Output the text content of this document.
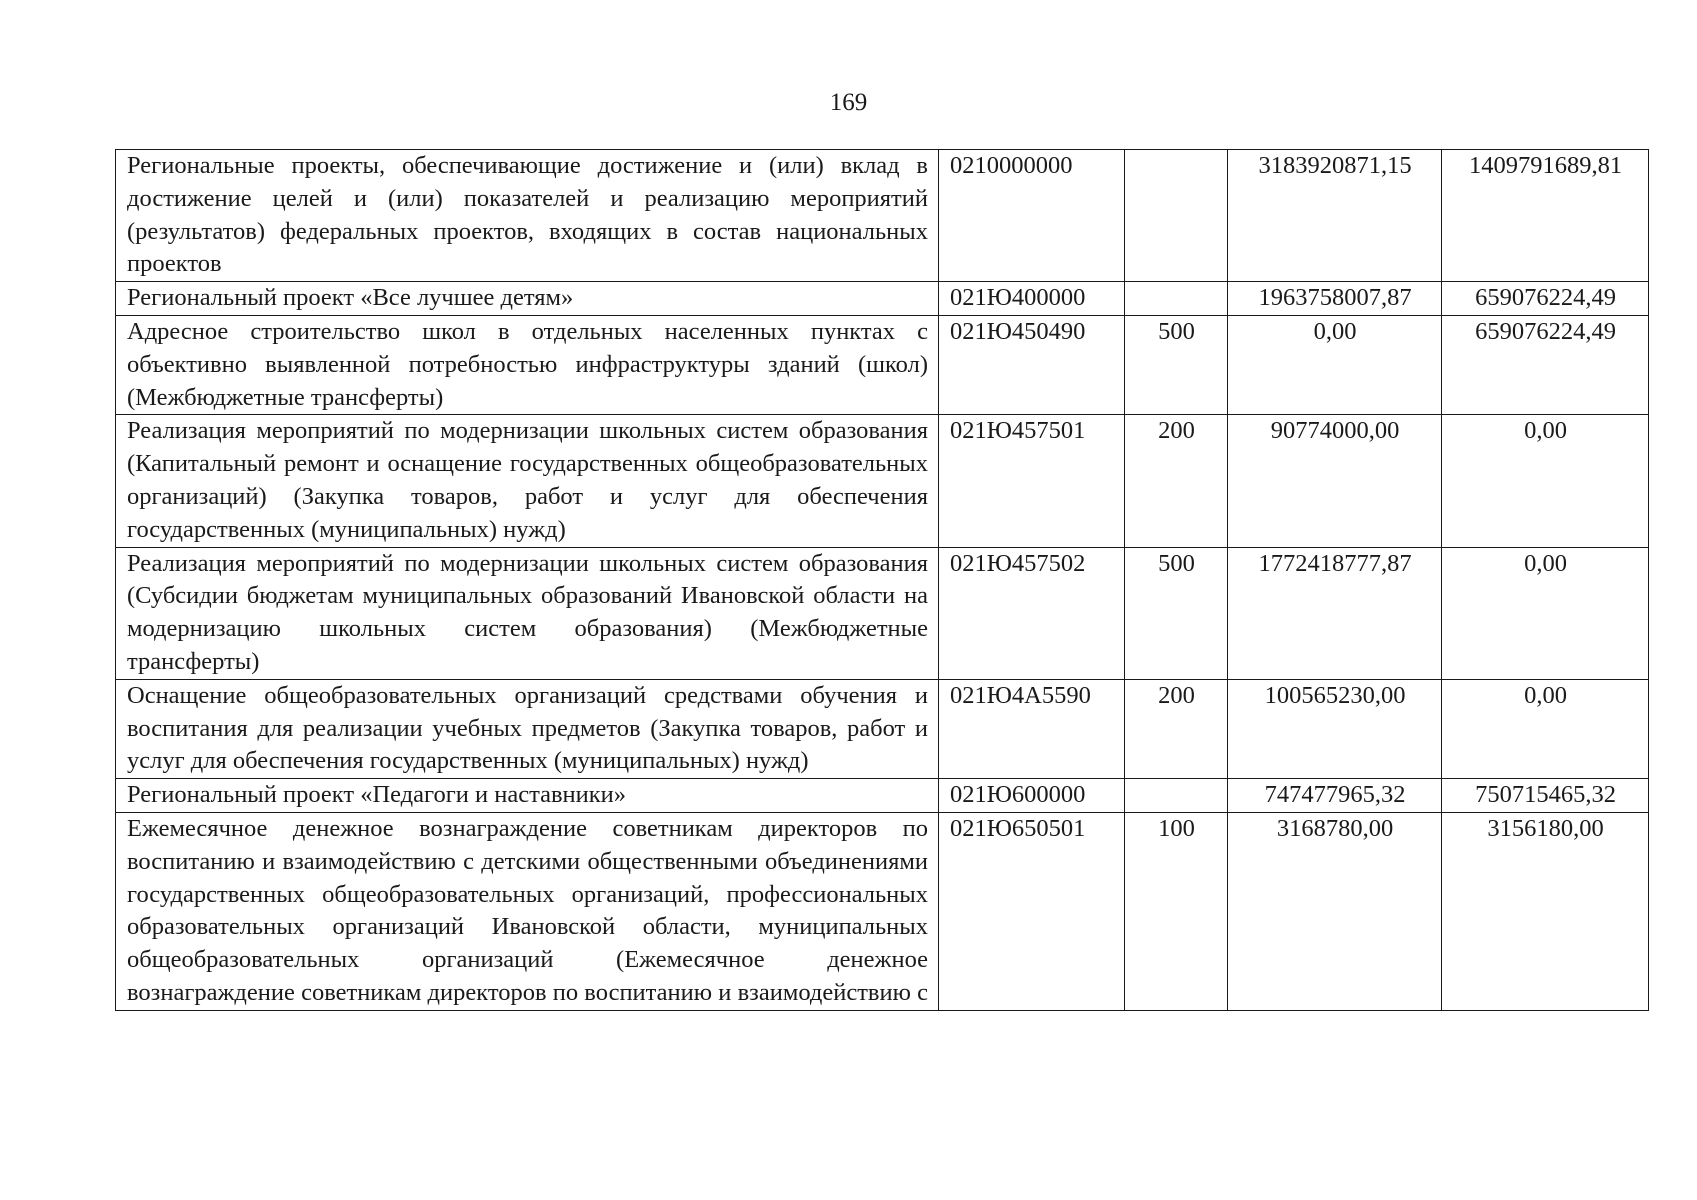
169
Региональные проекты, обеспечивающие достижение и (или) вклад в достижение целей и (или) показателей и реализацию мероприятий (результатов) федеральных проектов, входящих в состав национальных проектов	0210000000		3183920871,15	1409791689,81
Региональный проект «Все лучшее детям»	021Ю400000		1963758007,87	659076224,49
Адресное строительство школ в отдельных населенных пунктах с объективно выявленной потребностью инфраструктуры зданий (школ) (Межбюджетные трансферты)	021Ю450490	500	0,00	659076224,49
Реализация мероприятий по модернизации школьных систем образования (Капитальный ремонт и оснащение государственных общеобразовательных организаций) (Закупка товаров, работ и услуг для обеспечения государственных (муниципальных) нужд)	021Ю457501	200	90774000,00	0,00
Реализация мероприятий по модернизации школьных систем образования (Субсидии бюджетам муниципальных образований Ивановской области на модернизацию школьных систем образования) (Межбюджетные трансферты)	021Ю457502	500	1772418777,87	0,00
Оснащение общеобразовательных организаций средствами обучения и воспитания для реализации учебных предметов (Закупка товаров, работ и услуг для обеспечения государственных (муниципальных) нужд)	021Ю4А5590	200	100565230,00	0,00
Региональный проект «Педагоги и наставники»	021Ю600000		747477965,32	750715465,32
Ежемесячное денежное вознаграждение советникам директоров по воспитанию и взаимодействию с детскими общественными объединениями государственных общеобразовательных организаций, профессиональных образовательных организаций Ивановской области, муниципальных общеобразовательных организаций (Ежемесячное денежное вознаграждение советникам директоров по воспитанию и взаимодействию с	021Ю650501	100	3168780,00	3156180,00
